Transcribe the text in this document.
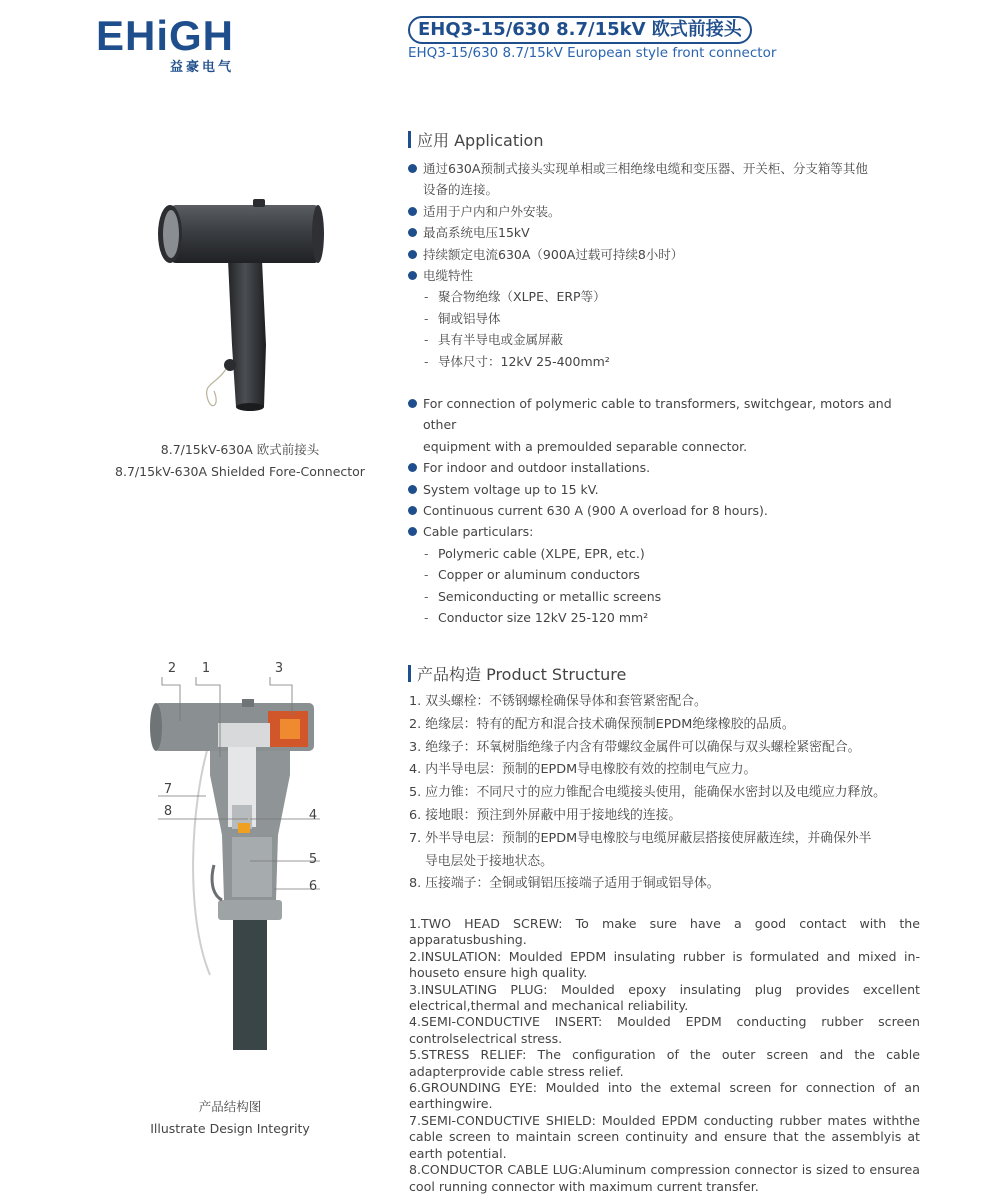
EHiGH
益豪电气
EHQ3-15/630 8.7/15kV 欧式前接头
EHQ3-15/630 8.7/15kV European style front connector
应用 Application
通过630A预制式接头实现单相或三相绝缘电缆和变压器、开关柜、分支箱等其他
设备的连接。
适用于户内和户外安装。
最高系统电压15kV
持续额定电流630A（900A过载可持续8小时）
电缆特性
- 聚合物绝缘（XLPE、ERP等）
- 铜或铝导体
- 具有半导电或金属屏蔽
- 导体尺寸：12kV 25-400mm²
For connection of polymeric cable to transformers, switchgear, motors and other
equipment with a premoulded separable connector.
For indoor and outdoor installations.
System voltage up to 15 kV.
Continuous current 630 A (900 A overload for 8 hours).
Cable particulars:
- Polymeric cable (XLPE, EPR, etc.)
- Copper or aluminum conductors
- Semiconducting or metallic screens
- Conductor size 12kV 25-120 mm²
8.7/15kV-630A 欧式前接头
8.7/15kV-630A Shielded Fore-Connector
产品构造 Product Structure
1. 双头螺栓：不锈钢螺栓确保导体和套管紧密配合。
2. 绝缘层：特有的配方和混合技术确保预制EPDM绝缘橡胶的品质。
3. 绝缘子：环氧树脂绝缘子内含有带螺纹金属件可以确保与双头螺栓紧密配合。
4. 内半导电层：预制的EPDM导电橡胶有效的控制电气应力。
5. 应力锥：不同尺寸的应力锥配合电缆接头使用，能确保水密封以及电缆应力释放。
6. 接地眼：预注到外屏蔽中用于接地线的连接。
7. 外半导电层：预制的EPDM导电橡胶与电缆屏蔽层搭接使屏蔽连续，并确保外半
导电层处于接地状态。
8. 压接端子：全铜或铜铝压接端子适用于铜或铝导体。

1.TWO HEAD SCREW: To make sure have a good contact with the apparatusbushing.

2.INSULATION: Moulded EPDM insulating rubber is formulated and mixed in-houseto ensure high quality.

3.INSULATING PLUG: Moulded epoxy insulating plug provides excellent electrical,thermal and mechanical reliability.

4.SEMI-CONDUCTIVE INSERT: Moulded EPDM conducting rubber screen controlselectrical stress.

5.STRESS RELIEF: The configuration of the outer screen and the cable adapterprovide cable stress relief.

6.GROUNDING EYE: Moulded into the extemal screen for connection of an earthingwire.

7.SEMI-CONDUCTIVE SHIELD: Moulded EPDM conducting rubber mates withthe cable screen to maintain screen continuity and ensure that the assemblyis at earth potential.

8.CONDUCTOR CABLE LUG:Aluminum compression connector is sized to ensurea cool running connector with maximum current transfer.

2 1	3
7
8	4
5
6
产品结构图
Illustrate Design Integrity
